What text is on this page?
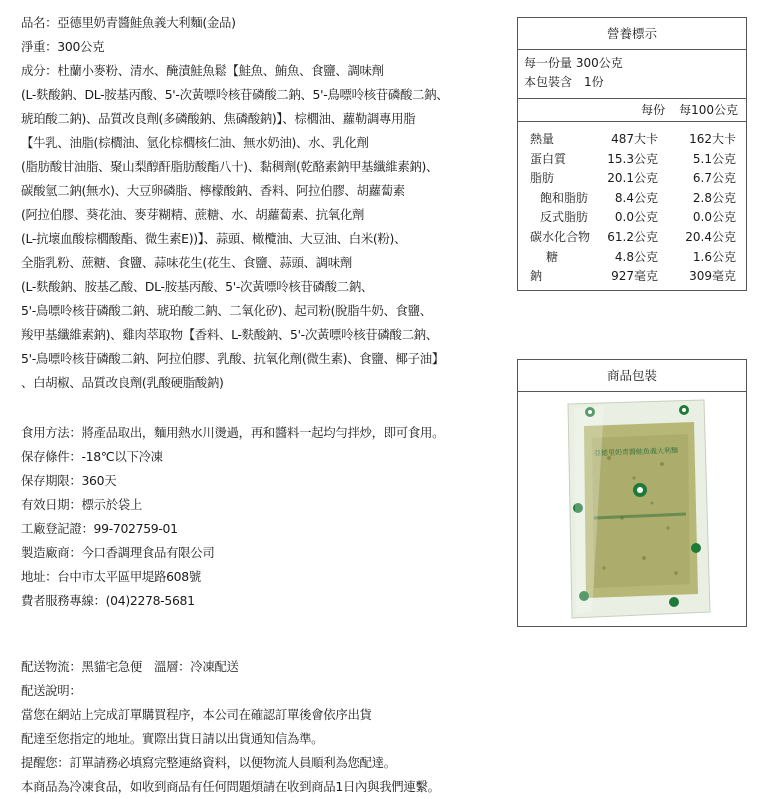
品名：亞德里奶青醬鮭魚義大利麵(金品)
淨重：300公克
成分：杜蘭小麥粉、清水、醃漬鮭魚鬆【鮭魚、鮪魚、食鹽、調味劑
(L-麩酸鈉、DL-胺基丙酸、5'-次黃嘌呤核苷磷酸二鈉、5'-鳥嘌呤核苷磷酸二鈉、
琥珀酸二鈉)、品質改良劑(多磷酸鈉、焦磷酸鈉)】、棕櫚油、蘿勒調專用脂
【牛乳、油脂(棕櫚油、氫化棕櫚核仁油、無水奶油)、水、乳化劑
(脂肪酸甘油脂、聚山梨醇酐脂肪酸酯八十)、黏稠劑(乾酪素鈉甲基纖維素鈉)、
碳酸氫二鈉(無水)、大豆卵磷脂、檸檬酸鈉、香料、阿拉伯膠、胡蘿蔔素
(阿拉伯膠、葵花油、麥芽糊精、蔗糖、水、胡蘿蔔素、抗氧化劑
(L-抗壞血酸棕櫚酸酯、微生素E))】、蒜頭、橄欖油、大豆油、白米(粉)、
全脂乳粉、蔗糖、食鹽、蒜味花生(花生、食鹽、蒜頭、調味劑
(L-麩酸鈉、胺基乙酸、DL-胺基丙酸、5'-次黃嘌呤核苷磷酸二鈉、
5'-鳥嘌呤核苷磷酸二鈉、琥珀酸二鈉、二氧化矽)、起司粉(脫脂牛奶、食鹽、
羧甲基纖維素鈉)、雞肉萃取物【香料、L-麩酸鈉、5'-次黃嘌呤核苷磷酸二鈉、
5'-鳥嘌呤核苷磷酸二鈉、阿拉伯膠、乳酸、抗氧化劑(微生素)、食鹽、椰子油】
、白胡椒、品質改良劑(乳酸硬脂酸鈉)
食用方法：將產品取出，麵用熱水川燙過，再和醬料一起均勻拌炒，即可食用。
保存條件：-18℃以下冷凍
保存期限：360天
有效日期：標示於袋上
工廠登記證：99-702759-01
製造廠商：今口香調理食品有限公司
地址：台中市太平區甲堤路608號
費者服務專線：(04)2278-5681
配送物流：黑貓宅急便　溫層：冷凍配送
配送說明：
當您在網站上完成訂單購買程序，本公司在確認訂單後會依序出貨
配達至您指定的地址。實際出貨日請以出貨通知信為準。
提醒您：訂單請務必填寫完整連絡資料，以便物流人員順利為您配達。
本商品為冷凍食品，如收到商品有任何問題煩請在收到商品1日內與我們連繫。
營養標示
每一份量 300公克
本包裝含　1份
每份 每100公克
熱量	487大卡	162大卡
蛋白質	15.3公克	5.1公克
脂肪	20.1公克	6.7公克
飽和脂肪	8.4公克	2.8公克
反式脂肪	0.0公克	0.0公克
碳水化合物	61.2公克	20.4公克
糖	4.8公克	1.6公克
鈉	927毫克	309毫克
商品包裝
亞德里奶青醬鮭魚義大利麵
